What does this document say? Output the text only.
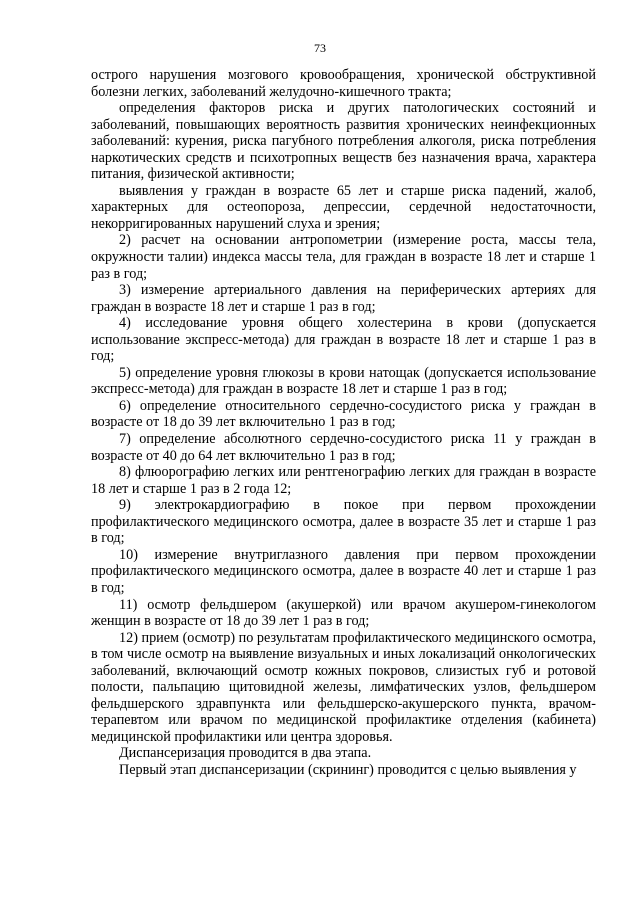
73

острого нарушения мозгового кровообращения, хронической обструктивной болезни легких, заболеваний желудочно-кишечного тракта;

определения факторов риска и других патологических состояний и заболеваний, повышающих вероятность развития хронических неинфекционных заболеваний: курения, риска пагубного потребления алкоголя, риска потребления наркотических средств и психотропных веществ без назначения врача, характера питания, физической активности;

выявления у граждан в возрасте 65 лет и старше риска падений, жалоб, характерных для остеопороза, депрессии, сердечной недостаточности, некорригированных нарушений слуха и зрения;

2) расчет на основании антропометрии (измерение роста, массы тела, окружности талии) индекса массы тела, для граждан в возрасте 18 лет и старше 1 раз в год;

3) измерение артериального давления на периферических артериях для граждан в возрасте 18 лет и старше 1 раз в год;

4) исследование уровня общего холестерина в крови (допускается использование экспресс-метода) для граждан в возрасте 18 лет и старше 1 раз в год;

5) определение уровня глюкозы в крови натощак (допускается использование экспресс-метода) для граждан в возрасте 18 лет и старше 1 раз в год;

6) определение относительного сердечно-сосудистого риска у граждан в возрасте от 18 до 39 лет включительно 1 раз в год;

7) определение абсолютного сердечно-сосудистого риска 11 у граждан в возрасте от 40 до 64 лет включительно 1 раз в год;

8) флюорографию легких или рентгенографию легких для граждан в возрасте 18 лет и старше 1 раз в 2 года 12;

9) электрокардиографию в покое при первом прохождении профилактического медицинского осмотра, далее в возрасте 35 лет и старше 1 раз в год;

10) измерение внутриглазного давления при первом прохождении профилактического медицинского осмотра, далее в возрасте 40 лет и старше 1 раз в год;

11) осмотр фельдшером (акушеркой) или врачом акушером-гинекологом женщин в возрасте от 18 до 39 лет 1 раз в год;

12) прием (осмотр) по результатам профилактического медицинского осмотра, в том числе осмотр на выявление визуальных и иных локализаций онкологических заболеваний, включающий осмотр кожных покровов, слизистых губ и ротовой полости, пальпацию щитовидной железы, лимфатических узлов, фельдшером фельдшерского здравпункта или фельдшерско-акушерского пункта, врачом-терапевтом или врачом по медицинской профилактике отделения (кабинета) медицинской профилактики или центра здоровья.

Диспансеризация проводится в два этапа.

Первый этап диспансеризации (скрининг) проводится с целью выявления у
